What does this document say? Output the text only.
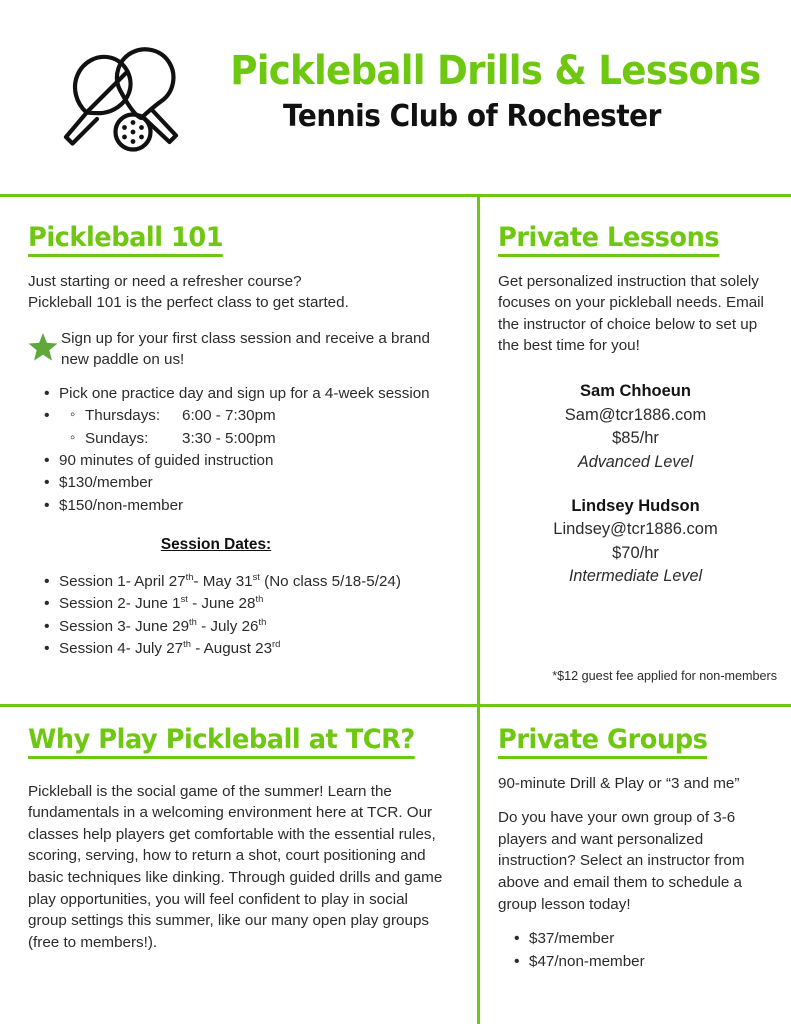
Pickleball Drills & Lessons
Tennis Club of Rochester
Pickleball 101

Just starting or need a refresher course?

Pickleball 101 is the perfect class to get started.

Sign up for your first class session and receive a brand new paddle on us!
• Pick one practice day and sign up for a 4-week session
◦ • Thursdays: 6:00 - 7:30pm
◦ Sundays: 3:30 - 5:00pm
• 90 minutes of guided instruction
• $130/member
• $150/non-member
Session Dates:
• Session 1- April 27th- May 31st (No class 5/18-5/24)
• Session 2- June 1st - June 28th
• Session 3- June 29th - July 26th
• Session 4- July 27th - August 23rd
Private Lessons

Get personalized instruction that solely focuses on your pickleball needs. Email the instructor of choice below to set up the best time for you!

Sam Chhoeun
Sam@tcr1886.com
$85/hr
Advanced Level
Lindsey Hudson
Lindsey@tcr1886.com
$70/hr
Intermediate Level
*$12 guest fee applied for non-members
Why Play Pickleball at TCR?

Pickleball is the social game of the summer! Learn the fundamentals in a welcoming environment here at TCR. Our classes help players get comfortable with the essential rules, scoring, serving, how to return a shot, court positioning and basic techniques like dinking. Through guided drills and game play opportunities, you will feel confident to play in social group settings this summer, like our many open play groups (free to members!).

Private Groups

90-minute Drill & Play or “3 and me”

Do you have your own group of 3-6 players and want personalized instruction? Select an instructor from above and email them to schedule a group lesson today!

• $37/member
• $47/non-member
